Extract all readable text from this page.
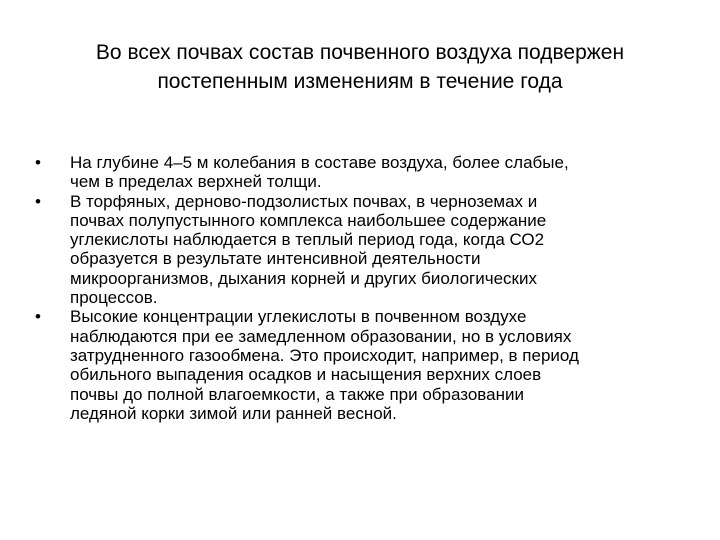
Во всех почвах состав почвенного воздуха подвержен
постепенным изменениям в течение года
• На глубине 4–5 м колебания в составе воздуха, более слабые,
чем в пределах верхней толщи.
• В торфяных, дерново-подзолистых почвах, в черноземах и
почвах полупустынного комплекса наибольшее содержание
углекислоты наблюдается в теплый период года, когда СО2
образуется в результате интенсивной деятельности
микроорганизмов, дыхания корней и других биологических
процессов.
• Высокие концентрации углекислоты в почвенном воздухе
наблюдаются при ее замедленном образовании, но в условиях
затрудненного газообмена. Это происходит, например, в период
обильного выпадения осадков и насыщения верхних слоев
почвы до полной влагоемкости, а также при образовании
ледяной корки зимой или ранней весной.
